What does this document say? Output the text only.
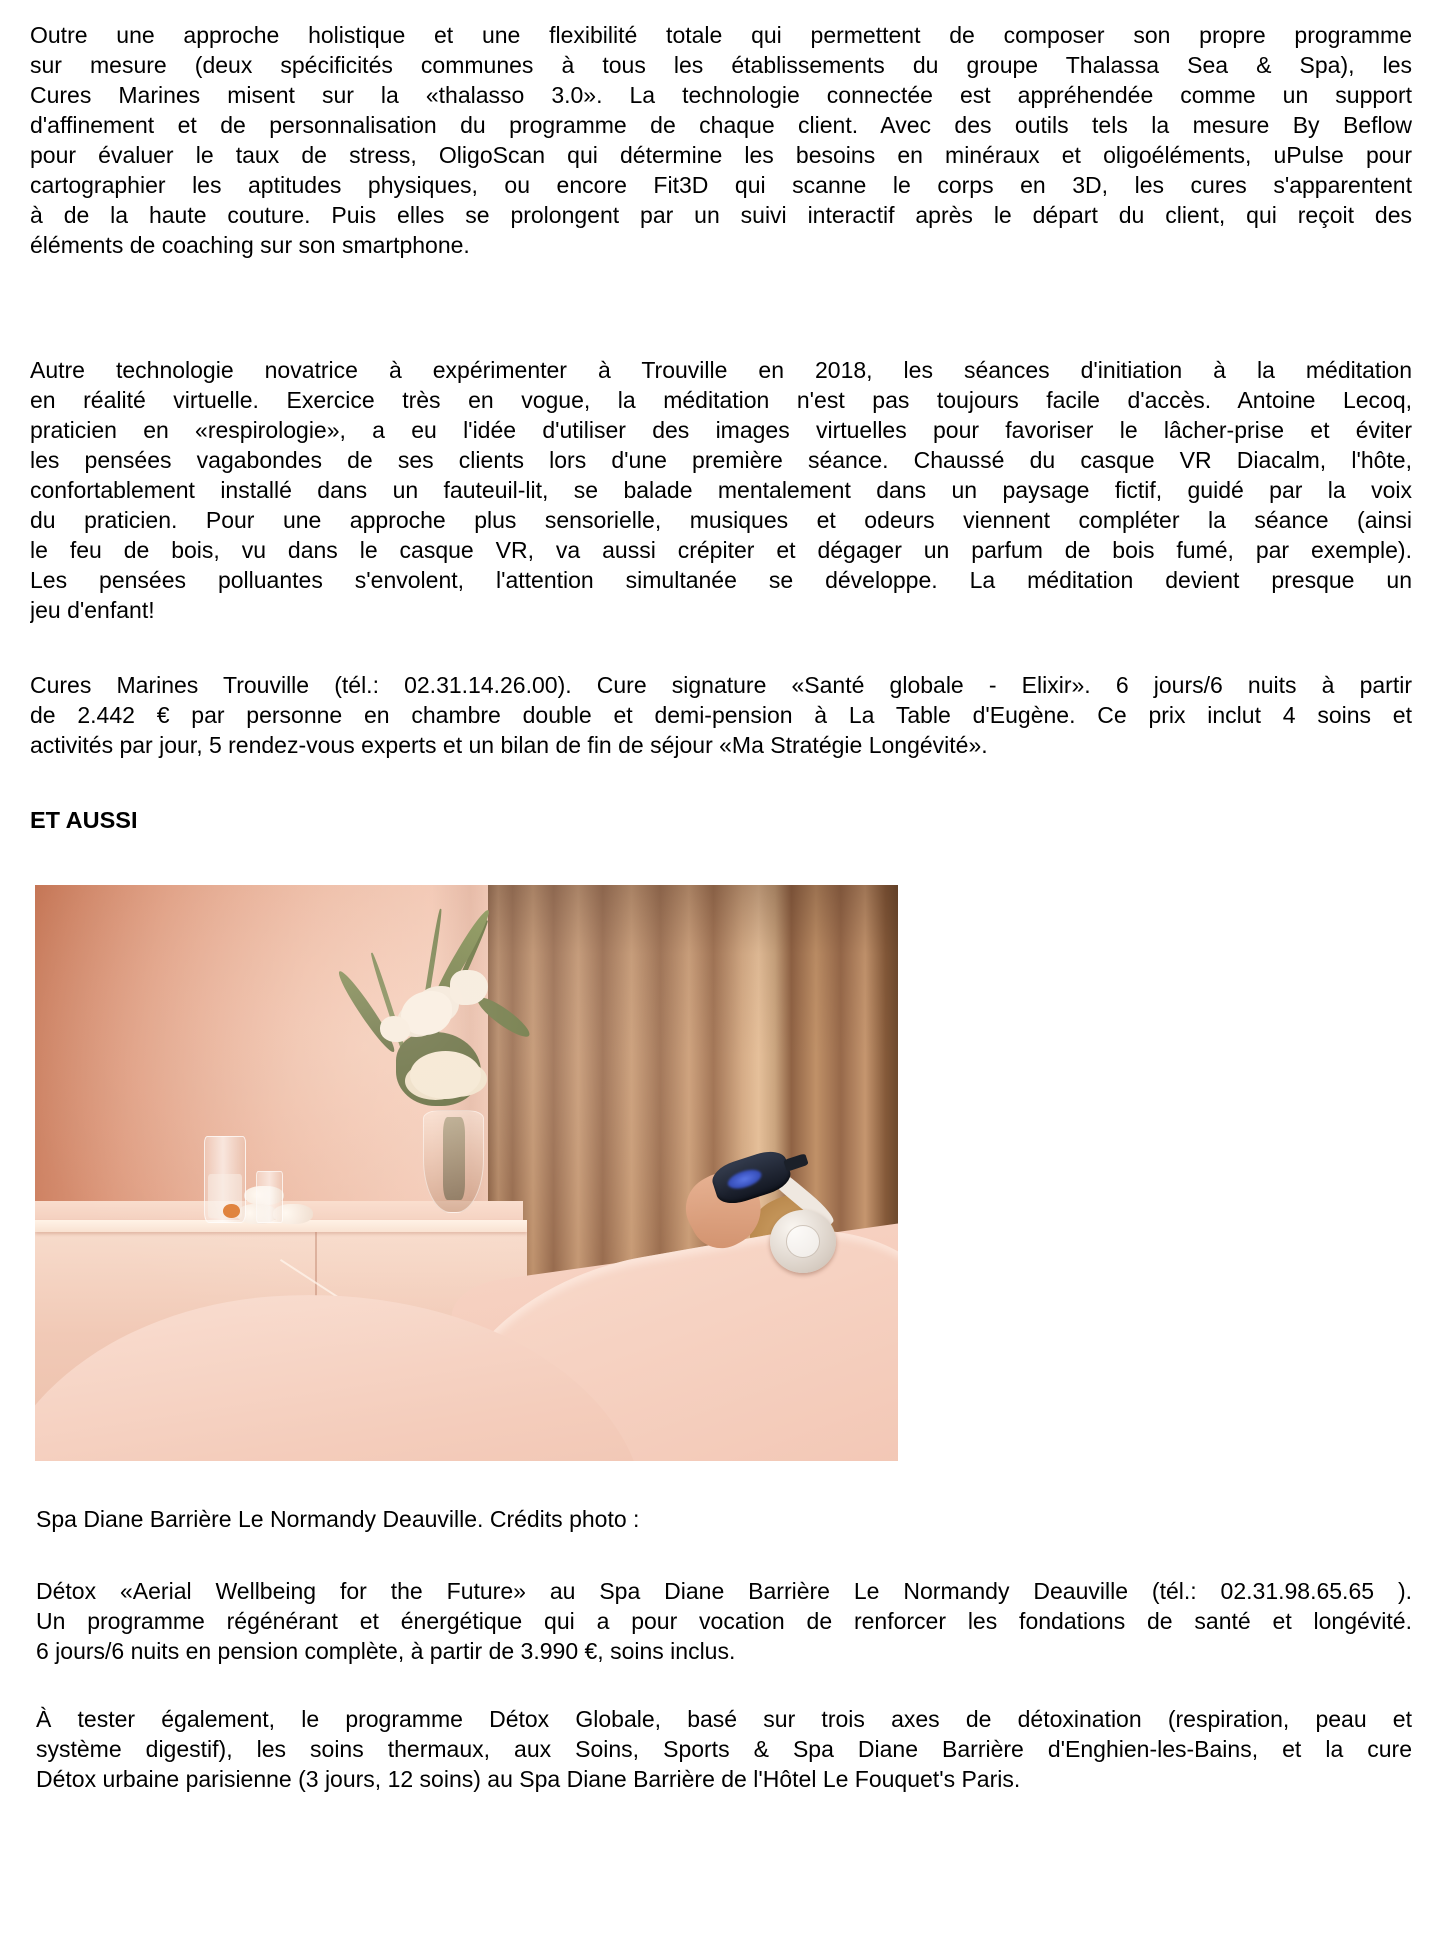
Outre une approche holistique et une flexibilité totale qui permettent de composer son propre programme
sur mesure (deux spécificités communes à tous les établissements du groupe Thalassa Sea & Spa), les
Cures Marines misent sur la «thalasso 3.0». La technologie connectée est appréhendée comme un support
d'affinement et de personnalisation du programme de chaque client. Avec des outils tels la mesure By Beflow
pour évaluer le taux de stress, OligoScan qui détermine les besoins en minéraux et oligoéléments, uPulse pour
cartographier les aptitudes physiques, ou encore Fit3D qui scanne le corps en 3D, les cures s'apparentent
à de la haute couture. Puis elles se prolongent par un suivi interactif après le départ du client, qui reçoit des
éléments de coaching sur son smartphone.
Autre technologie novatrice à expérimenter à Trouville en 2018, les séances d'initiation à la méditation
en réalité virtuelle. Exercice très en vogue, la méditation n'est pas toujours facile d'accès. Antoine Lecoq,
praticien en «respirologie», a eu l'idée d'utiliser des images virtuelles pour favoriser le lâcher-prise et éviter
les pensées vagabondes de ses clients lors d'une première séance. Chaussé du casque VR Diacalm, l'hôte,
confortablement installé dans un fauteuil-lit, se balade mentalement dans un paysage fictif, guidé par la voix
du praticien. Pour une approche plus sensorielle, musiques et odeurs viennent compléter la séance (ainsi
le feu de bois, vu dans le casque VR, va aussi crépiter et dégager un parfum de bois fumé, par exemple).
Les pensées polluantes s'envolent, l'attention simultanée se développe. La méditation devient presque un
jeu d'enfant!
Cures Marines Trouville (tél.: 02.31.14.26.00). Cure signature «Santé globale - Elixir». 6 jours/6 nuits à partir
de 2.442 € par personne en chambre double et demi-pension à La Table d'Eugène. Ce prix inclut 4 soins et
activités par jour, 5 rendez-vous experts et un bilan de fin de séjour «Ma Stratégie Longévité».
ET AUSSI
Spa Diane Barrière Le Normandy Deauville. Crédits photo :
Détox «Aerial Wellbeing for the Future» au Spa Diane Barrière Le Normandy Deauville (tél.: 02.31.98.65.65 ).
Un programme régénérant et énergétique qui a pour vocation de renforcer les fondations de santé et longévité.
6 jours/6 nuits en pension complète, à partir de 3.990 €, soins inclus.
À tester également, le programme Détox Globale, basé sur trois axes de détoxination (respiration, peau et
système digestif), les soins thermaux, aux Soins, Sports & Spa Diane Barrière d'Enghien-les-Bains, et la cure
Détox urbaine parisienne (3 jours, 12 soins) au Spa Diane Barrière de l'Hôtel Le Fouquet's Paris.
